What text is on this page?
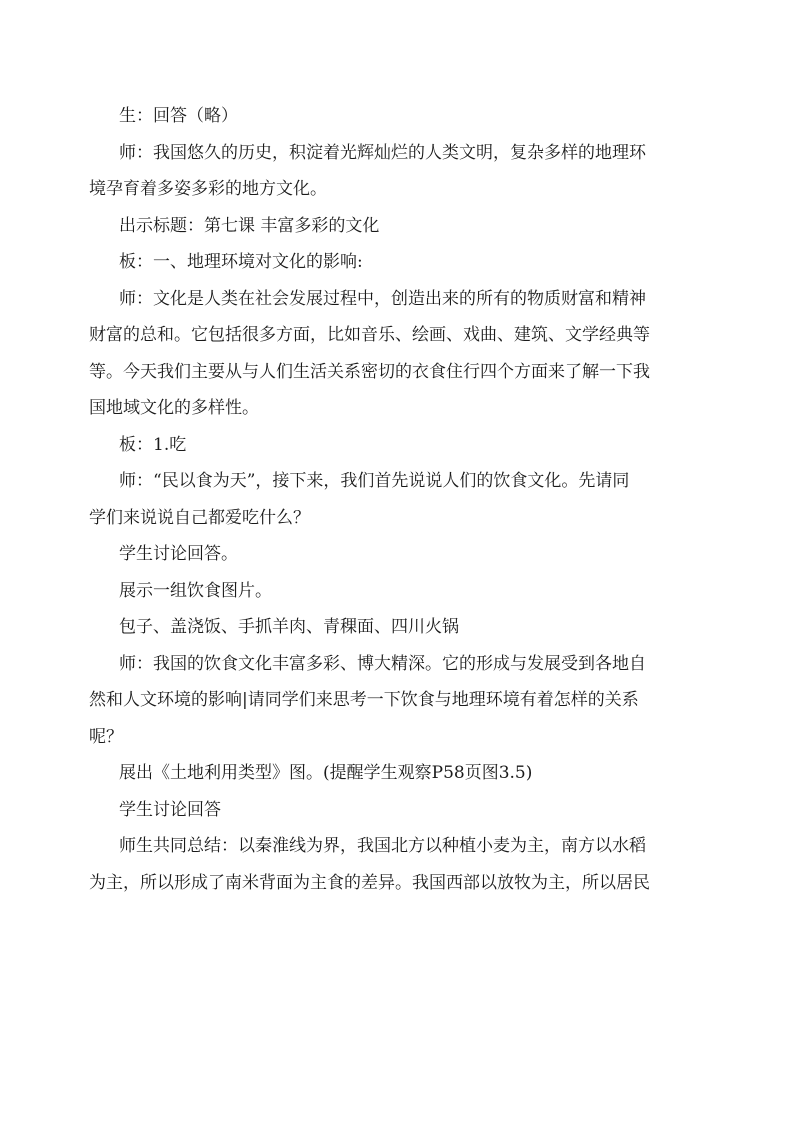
生：回答（略）
师：我国悠久的历史，积淀着光辉灿烂的人类文明，复杂多样的地理环
境孕育着多姿多彩的地方文化。
出示标题：第七课 丰富多彩的文化
板：一、地理环境对文化的影响:
师：文化是人类在社会发展过程中，创造出来的所有的物质财富和精神
财富的总和。它包括很多方面，比如音乐、绘画、戏曲、建筑、文学经典等
等。今天我们主要从与人们生活关系密切的衣食住行四个方面来了解一下我
国地域文化的多样性。
板：1.吃
师：“民以食为天”，接下来，我们首先说说人们的饮食文化。先请同
学们来说说自己都爱吃什么？
学生讨论回答。
展示一组饮食图片。
包子、盖浇饭、手抓羊肉、青稞面、四川火锅
师：我国的饮食文化丰富多彩、博大精深。它的形成与发展受到各地自
然和人文环境的影响|请同学们来思考一下饮食与地理环境有着怎样的关系
呢？
展出《土地利用类型》图。(提醒学生观察P58页图3.5)
学生讨论回答
师生共同总结：以秦淮线为界，我国北方以种植小麦为主，南方以水稻
为主，所以形成了南米背面为主食的差异。我国西部以放牧为主，所以居民
